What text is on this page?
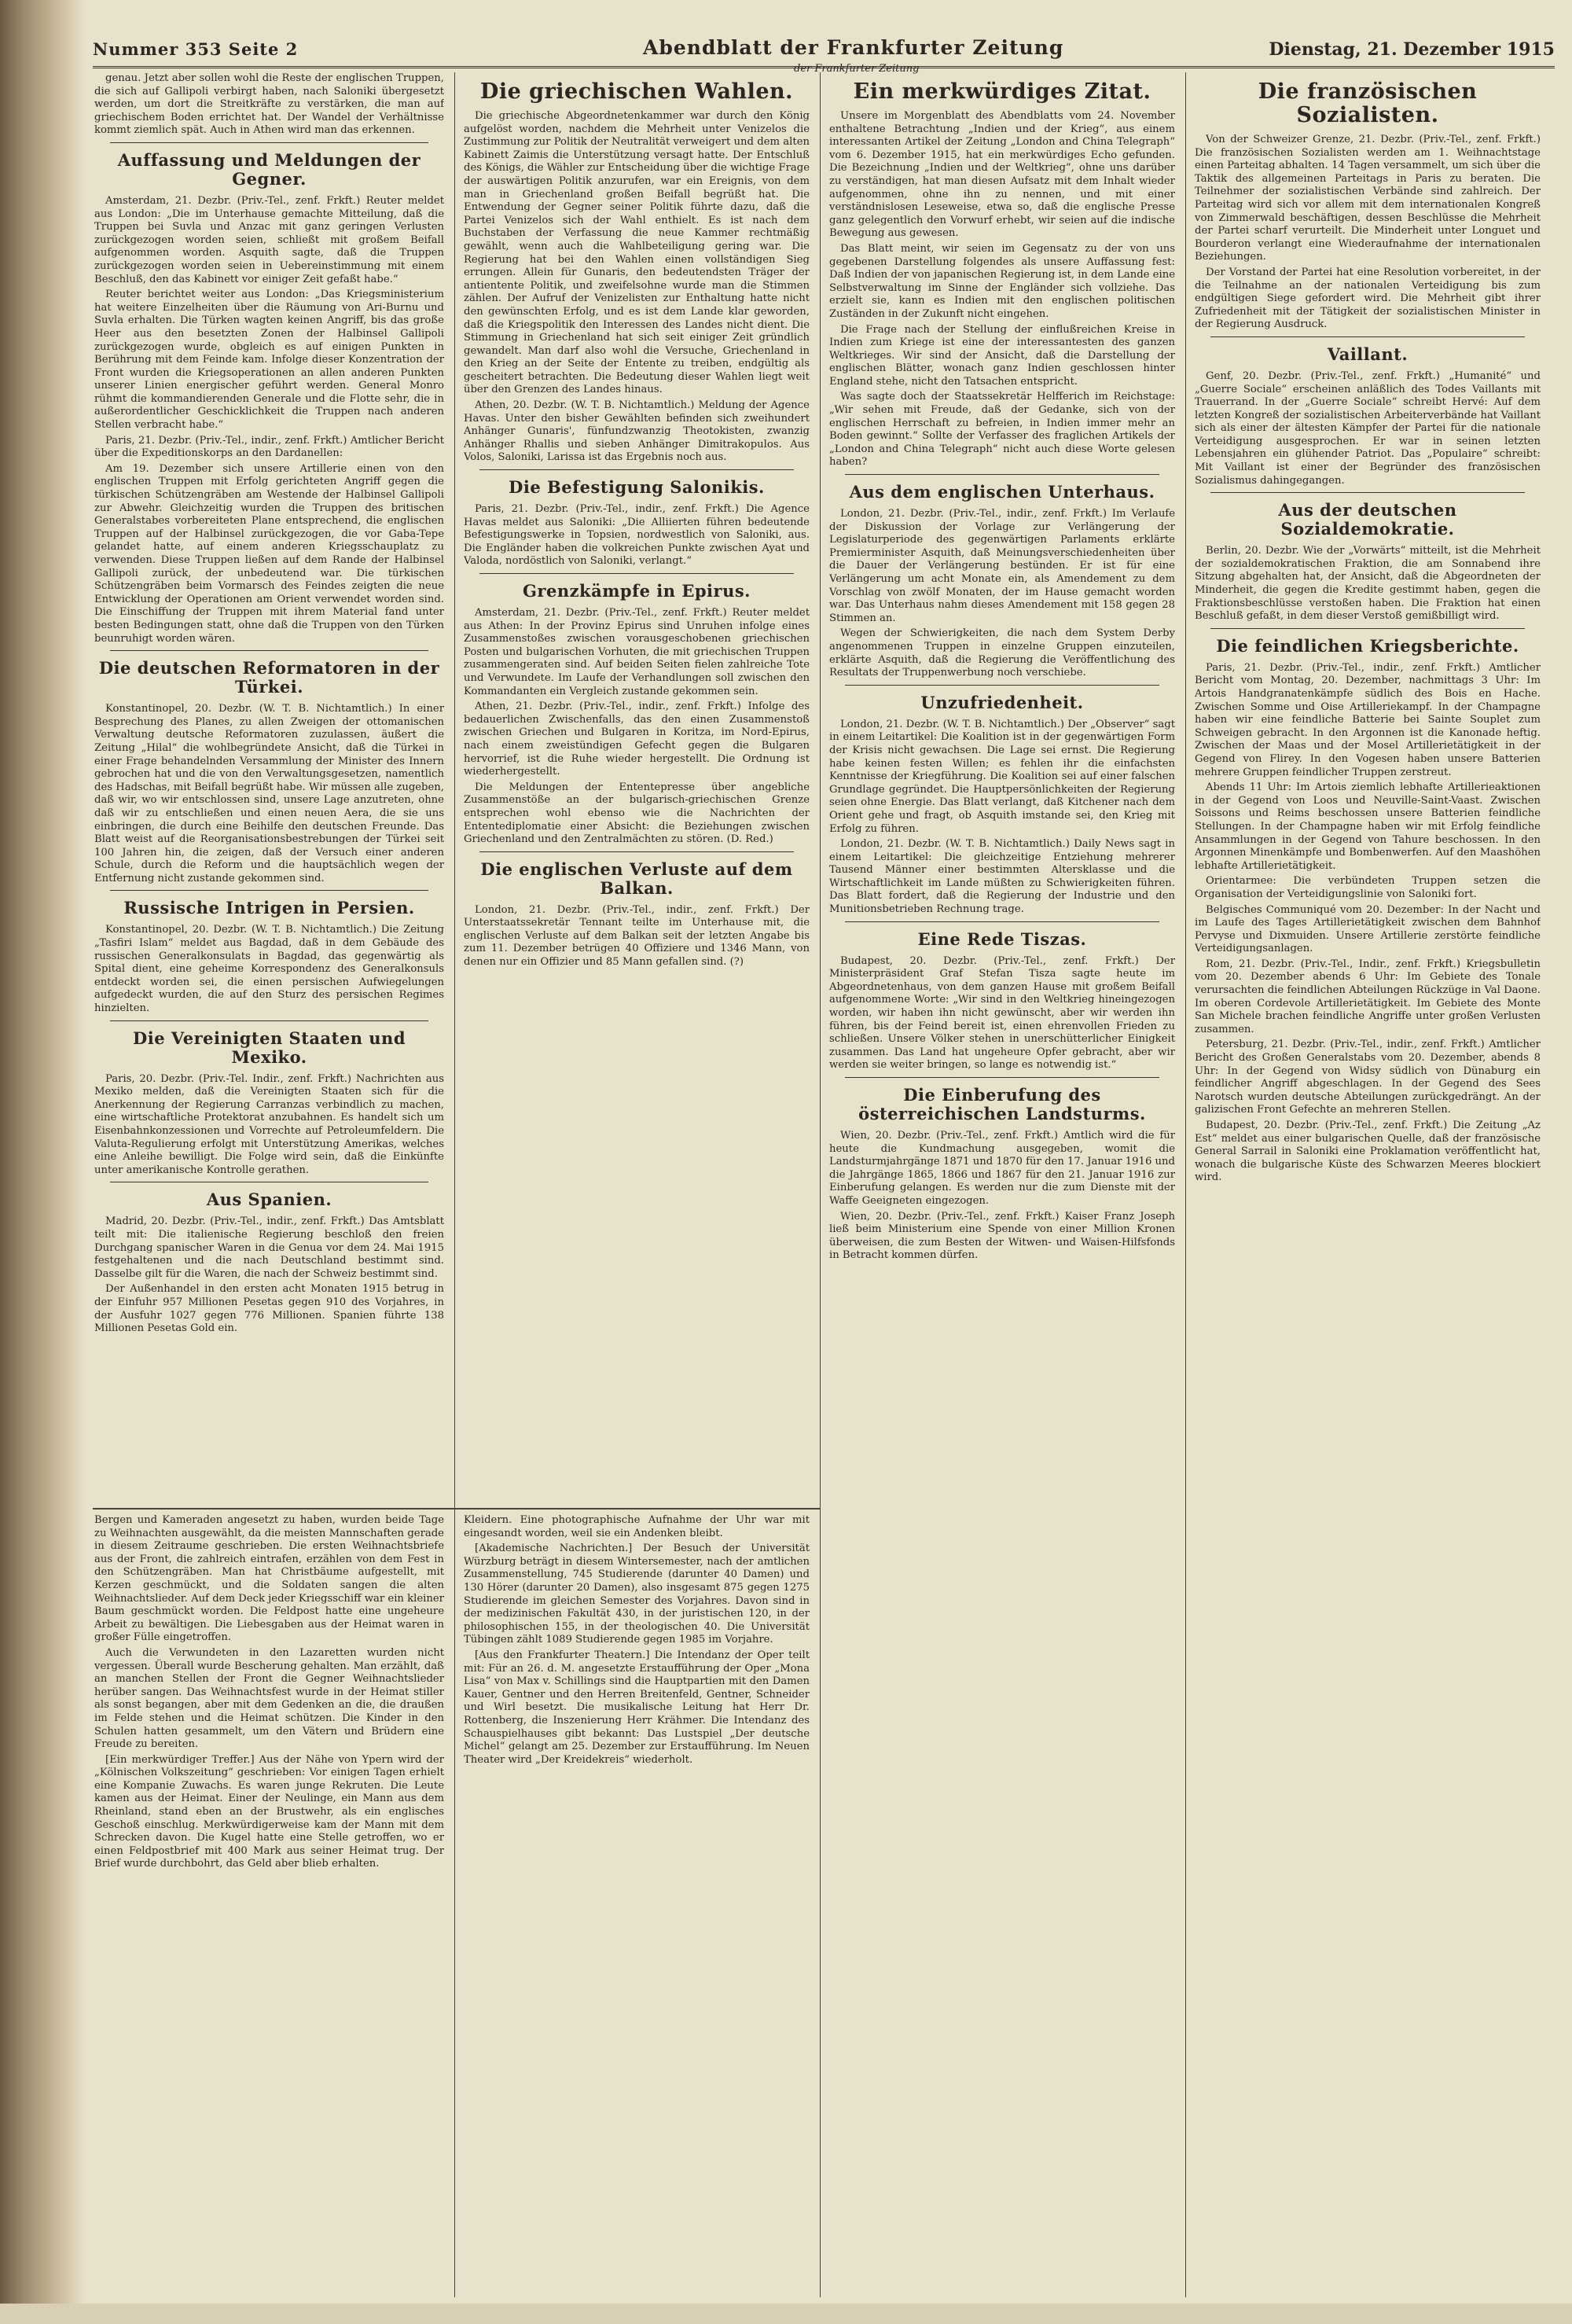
Nummer 353 Seite 2	Abendblatt der Frankfurter Zeitung	Dienstag, 21. Dezember 1915
der Frankfurter Zeitung

genau. Jetzt aber sollen wohl die Reste der englischen Truppen, die sich auf Gallipoli verbirgt haben, nach Saloniki übergesetzt werden, um dort die Streitkräfte zu verstärken, die man auf griechischem Boden errichtet hat. Der Wandel der Verhältnisse kommt ziemlich spät. Auch in Athen wird man das erkennen.

Auffassung und Meldungen der Gegner.

Amsterdam, 21. Dezbr. (Priv.-Tel., zenf. Frkft.) Reuter meldet aus London: „Die im Unterhause gemachte Mitteilung, daß die Truppen bei Suvla und Anzac mit ganz geringen Verlusten zurückgezogen worden seien, schließt mit großem Beifall aufgenommen worden. Asquith sagte, daß die Truppen zurückgezogen worden seien in Uebereinstimmung mit einem Beschluß, den das Kabinett vor einiger Zeit gefaßt habe.“

Reuter berichtet weiter aus London: „Das Kriegsministerium hat weitere Einzelheiten über die Räumung von Ari-Burnu und Suvla erhalten. Die Türken wagten keinen Angriff, bis das große Heer aus den besetzten Zonen der Halbinsel Gallipoli zurückgezogen wurde, obgleich es auf einigen Punkten in Berührung mit dem Feinde kam. Infolge dieser Konzentration der Front wurden die Kriegsoperationen an allen anderen Punkten unserer Linien energischer geführt werden. General Monro rühmt die kommandierenden Generale und die Flotte sehr, die in außerordentlicher Geschicklichkeit die Truppen nach anderen Stellen verbracht habe.“

Paris, 21. Dezbr. (Priv.-Tel., indir., zenf. Frkft.) Amtlicher Bericht über die Expeditionskorps an den Dardanellen:

Am 19. Dezember sich unsere Artillerie einen von den englischen Truppen mit Erfolg gerichteten Angriff gegen die türkischen Schützengräben am Westende der Halbinsel Gallipoli zur Abwehr. Gleichzeitig wurden die Truppen des britischen Generalstabes vorbereiteten Plane entsprechend, die englischen Truppen auf der Halbinsel zurückgezogen, die vor Gaba-Tepe gelandet hatte, auf einem anderen Kriegsschauplatz zu verwenden. Diese Truppen ließen auf dem Rande der Halbinsel Gallipoli zurück, der unbedeutend war. Die türkischen Schützengräben beim Vormarsch des Feindes zeigten die neue Entwicklung der Operationen am Orient verwendet worden sind. Die Einschiffung der Truppen mit ihrem Material fand unter besten Bedingungen statt, ohne daß die Truppen von den Türken beunruhigt worden wären.

Die deutschen Reformatoren in der Türkei.

Konstantinopel, 20. Dezbr. (W. T. B. Nichtamtlich.) In einer Besprechung des Planes, zu allen Zweigen der ottomanischen Verwaltung deutsche Reformatoren zuzulassen, äußert die Zeitung „Hilal“ die wohlbegründete Ansicht, daß die Türkei in einer Frage behandelnden Versammlung der Minister des Innern gebrochen hat und die von den Verwaltungsgesetzen, namentlich des Hadschas, mit Beifall begrüßt habe. Wir müssen alle zugeben, daß wir, wo wir entschlossen sind, unsere Lage anzutreten, ohne daß wir zu entschließen und einen neuen Aera, die sie uns einbringen, die durch eine Beihilfe den deutschen Freunde. Das Blatt weist auf die Reorganisationsbestrebungen der Türkei seit 100 Jahren hin, die zeigen, daß der Versuch einer anderen Schule, durch die Reform und die hauptsächlich wegen der Entfernung nicht zustande gekommen sind.

Russische Intrigen in Persien.

Konstantinopel, 20. Dezbr. (W. T. B. Nichtamtlich.) Die Zeitung „Tasfiri Islam“ meldet aus Bagdad, daß in dem Gebäude des russischen Generalkonsulats in Bagdad, das gegenwärtig als Spital dient, eine geheime Korrespondenz des Generalkonsuls entdeckt worden sei, die einen persischen Aufwiegelungen aufgedeckt wurden, die auf den Sturz des persischen Regimes hinzielten.

Die Vereinigten Staaten und Mexiko.

Paris, 20. Dezbr. (Priv.-Tel. Indir., zenf. Frkft.) Nachrichten aus Mexiko melden, daß die Vereinigten Staaten sich für die Anerkennung der Regierung Carranzas verbindlich zu machen, eine wirtschaftliche Protektorat anzubahnen. Es handelt sich um Eisenbahnkonzessionen und Vorrechte auf Petroleumfeldern. Die Valuta-Regulierung erfolgt mit Unterstützung Amerikas, welches eine Anleihe bewilligt. Die Folge wird sein, daß die Einkünfte unter amerikanische Kontrolle gerathen.

Aus Spanien.

Madrid, 20. Dezbr. (Priv.-Tel., indir., zenf. Frkft.) Das Amtsblatt teilt mit: Die italienische Regierung beschloß den freien Durchgang spanischer Waren in die Genua vor dem 24. Mai 1915 festgehaltenen und die nach Deutschland bestimmt sind. Dasselbe gilt für die Waren, die nach der Schweiz bestimmt sind.

Der Außenhandel in den ersten acht Monaten 1915 betrug in der Einfuhr 957 Millionen Pesetas gegen 910 des Vorjahres, in der Ausfuhr 1027 gegen 776 Millionen. Spanien führte 138 Millionen Pesetas Gold ein.

Die griechischen Wahlen.

Die griechische Abgeordnetenkammer war durch den König aufgelöst worden, nachdem die Mehrheit unter Venizelos die Zustimmung zur Politik der Neutralität verweigert und dem alten Kabinett Zaimis die Unterstützung versagt hatte. Der Entschluß des Königs, die Wähler zur Entscheidung über die wichtige Frage der auswärtigen Politik anzurufen, war ein Ereignis, von dem man in Griechenland großen Beifall begrüßt hat. Die Entwendung der Gegner seiner Politik führte dazu, daß die Partei Venizelos sich der Wahl enthielt. Es ist nach dem Buchstaben der Verfassung die neue Kammer rechtmäßig gewählt, wenn auch die Wahlbeteiligung gering war. Die Regierung hat bei den Wahlen einen vollständigen Sieg errungen. Allein für Gunaris, den bedeutendsten Träger der antientente Politik, und zweifelsohne wurde man die Stimmen zählen. Der Aufruf der Venizelisten zur Enthaltung hatte nicht den gewünschten Erfolg, und es ist dem Lande klar geworden, daß die Kriegspolitik den Interessen des Landes nicht dient. Die Stimmung in Griechenland hat sich seit einiger Zeit gründlich gewandelt. Man darf also wohl die Versuche, Griechenland in den Krieg an der Seite der Entente zu treiben, endgültig als gescheitert betrachten. Die Bedeutung dieser Wahlen liegt weit über den Grenzen des Landes hinaus.

Athen, 20. Dezbr. (W. T. B. Nichtamtlich.) Meldung der Agence Havas. Unter den bisher Gewählten befinden sich zweihundert Anhänger Gunaris', fünfundzwanzig Theotokisten, zwanzig Anhänger Rhallis und sieben Anhänger Dimitrakopulos. Aus Volos, Saloniki, Larissa ist das Ergebnis noch aus.

Die Befestigung Salonikis.

Paris, 21. Dezbr. (Priv.-Tel., indir., zenf. Frkft.) Die Agence Havas meldet aus Saloniki: „Die Alliierten führen bedeutende Befestigungswerke in Topsien, nordwestlich von Saloniki, aus. Die Engländer haben die volkreichen Punkte zwischen Ayat und Valoda, nordöstlich von Saloniki, verlangt.“

Grenzkämpfe in Epirus.

Amsterdam, 21. Dezbr. (Priv.-Tel., zenf. Frkft.) Reuter meldet aus Athen: In der Provinz Epirus sind Unruhen infolge eines Zusammenstoßes zwischen vorausgeschobenen griechischen Posten und bulgarischen Vorhuten, die mit griechischen Truppen zusammengeraten sind. Auf beiden Seiten fielen zahlreiche Tote und Verwundete. Im Laufe der Verhandlungen soll zwischen den Kommandanten ein Vergleich zustande gekommen sein.

Athen, 21. Dezbr. (Priv.-Tel., indir., zenf. Frkft.) Infolge des bedauerlichen Zwischenfalls, das den einen Zusammenstoß zwischen Griechen und Bulgaren in Koritza, im Nord-Epirus, nach einem zweistündigen Gefecht gegen die Bulgaren hervorrief, ist die Ruhe wieder hergestellt. Die Ordnung ist wiederhergestellt.

Die Meldungen der Ententepresse über angebliche Zusammenstöße an der bulgarisch-griechischen Grenze entsprechen wohl ebenso wie die Nachrichten der Ententediplomatie einer Absicht: die Beziehungen zwischen Griechenland und den Zentralmächten zu stören. (D. Red.)

Die englischen Verluste auf dem Balkan.

London, 21. Dezbr. (Priv.-Tel., indir., zenf. Frkft.) Der Unterstaatssekretär Tennant teilte im Unterhause mit, die englischen Verluste auf dem Balkan seit der letzten Angabe bis zum 11. Dezember betrügen 40 Offiziere und 1346 Mann, von denen nur ein Offizier und 85 Mann gefallen sind. (?)

Ein merkwürdiges Zitat.

Unsere im Morgenblatt des Abendblatts vom 24. November enthaltene Betrachtung „Indien und der Krieg“, aus einem interessanten Artikel der Zeitung „London and China Telegraph“ vom 6. Dezember 1915, hat ein merkwürdiges Echo gefunden. Die Bezeichnung „Indien und der Weltkrieg“, ohne uns darüber zu verständigen, hat man diesen Aufsatz mit dem Inhalt wieder aufgenommen, ohne ihn zu nennen, und mit einer verständnislosen Leseweise, etwa so, daß die englische Presse ganz gelegentlich den Vorwurf erhebt, wir seien auf die indische Bewegung aus gewesen.

Das Blatt meint, wir seien im Gegensatz zu der von uns gegebenen Darstellung folgendes als unsere Auffassung fest: Daß Indien der von japanischen Regierung ist, in dem Lande eine Selbstverwaltung im Sinne der Engländer sich vollziehe. Das erzielt sie, kann es Indien mit den englischen politischen Zuständen in der Zukunft nicht eingehen.

Die Frage nach der Stellung der einflußreichen Kreise in Indien zum Kriege ist eine der interessantesten des ganzen Weltkrieges. Wir sind der Ansicht, daß die Darstellung der englischen Blätter, wonach ganz Indien geschlossen hinter England stehe, nicht den Tatsachen entspricht.

Was sagte doch der Staatssekretär Helfferich im Reichstage: „Wir sehen mit Freude, daß der Gedanke, sich von der englischen Herrschaft zu befreien, in Indien immer mehr an Boden gewinnt.“ Sollte der Verfasser des fraglichen Artikels der „London and China Telegraph“ nicht auch diese Worte gelesen haben?

Aus dem englischen Unterhaus.

London, 21. Dezbr. (Priv.-Tel., indir., zenf. Frkft.) Im Verlaufe der Diskussion der Vorlage zur Verlängerung der Legislaturperiode des gegenwärtigen Parlaments erklärte Premierminister Asquith, daß Meinungsverschiedenheiten über die Dauer der Verlängerung bestünden. Er ist für eine Verlängerung um acht Monate ein, als Amendement zu dem Vorschlag von zwölf Monaten, der im Hause gemacht worden war. Das Unterhaus nahm dieses Amendement mit 158 gegen 28 Stimmen an.

Wegen der Schwierigkeiten, die nach dem System Derby angenommenen Truppen in einzelne Gruppen einzuteilen, erklärte Asquith, daß die Regierung die Veröffentlichung des Resultats der Truppenwerbung noch verschiebe.

Unzufriedenheit.

London, 21. Dezbr. (W. T. B. Nichtamtlich.) Der „Observer“ sagt in einem Leitartikel: Die Koalition ist in der gegenwärtigen Form der Krisis nicht gewachsen. Die Lage sei ernst. Die Regierung habe keinen festen Willen; es fehlen ihr die einfachsten Kenntnisse der Kriegführung. Die Koalition sei auf einer falschen Grundlage gegründet. Die Hauptpersönlichkeiten der Regierung seien ohne Energie. Das Blatt verlangt, daß Kitchener nach dem Orient gehe und fragt, ob Asquith imstande sei, den Krieg mit Erfolg zu führen.

London, 21. Dezbr. (W. T. B. Nichtamtlich.) Daily News sagt in einem Leitartikel: Die gleichzeitige Entziehung mehrerer Tausend Männer einer bestimmten Altersklasse und die Wirtschaftlichkeit im Lande müßten zu Schwierigkeiten führen. Das Blatt fordert, daß die Regierung der Industrie und den Munitionsbetrieben Rechnung trage.

Eine Rede Tiszas.

Budapest, 20. Dezbr. (Priv.-Tel., zenf. Frkft.) Der Ministerpräsident Graf Stefan Tisza sagte heute im Abgeordnetenhaus, von dem ganzen Hause mit großem Beifall aufgenommene Worte: „Wir sind in den Weltkrieg hineingezogen worden, wir haben ihn nicht gewünscht, aber wir werden ihn führen, bis der Feind bereit ist, einen ehrenvollen Frieden zu schließen. Unsere Völker stehen in unerschütterlicher Einigkeit zusammen. Das Land hat ungeheure Opfer gebracht, aber wir werden sie weiter bringen, so lange es notwendig ist.“

Die Einberufung des österreichischen Landsturms.

Wien, 20. Dezbr. (Priv.-Tel., zenf. Frkft.) Amtlich wird die für heute die Kundmachung ausgegeben, womit die Landsturmjahrgänge 1871 und 1870 für den 17. Januar 1916 und die Jahrgänge 1865, 1866 und 1867 für den 21. Januar 1916 zur Einberufung gelangen. Es werden nur die zum Dienste mit der Waffe Geeigneten eingezogen.

Wien, 20. Dezbr. (Priv.-Tel., zenf. Frkft.) Kaiser Franz Joseph ließ beim Ministerium eine Spende von einer Million Kronen überweisen, die zum Besten der Witwen- und Waisen-Hilfsfonds in Betracht kommen dürfen.

Die französischen Sozialisten.

Von der Schweizer Grenze, 21. Dezbr. (Priv.-Tel., zenf. Frkft.) Die französischen Sozialisten werden am 1. Weihnachtstage einen Parteitag abhalten. 14 Tagen versammelt, um sich über die Taktik des allgemeinen Parteitags in Paris zu beraten. Die Teilnehmer der sozialistischen Verbände sind zahlreich. Der Parteitag wird sich vor allem mit dem internationalen Kongreß von Zimmerwald beschäftigen, dessen Beschlüsse die Mehrheit der Partei scharf verurteilt. Die Minderheit unter Longuet und Bourderon verlangt eine Wiederaufnahme der internationalen Beziehungen.

Der Vorstand der Partei hat eine Resolution vorbereitet, in der die Teilnahme an der nationalen Verteidigung bis zum endgültigen Siege gefordert wird. Die Mehrheit gibt ihrer Zufriedenheit mit der Tätigkeit der sozialistischen Minister in der Regierung Ausdruck.

Vaillant.

Genf, 20. Dezbr. (Priv.-Tel., zenf. Frkft.) „Humanité“ und „Guerre Sociale“ erscheinen anläßlich des Todes Vaillants mit Trauerrand. In der „Guerre Sociale“ schreibt Hervé: Auf dem letzten Kongreß der sozialistischen Arbeiterverbände hat Vaillant sich als einer der ältesten Kämpfer der Partei für die nationale Verteidigung ausgesprochen. Er war in seinen letzten Lebensjahren ein glühender Patriot. Das „Populaire“ schreibt: Mit Vaillant ist einer der Begründer des französischen Sozialismus dahingegangen.

Aus der deutschen Sozialdemokratie.

Berlin, 20. Dezbr. Wie der „Vorwärts“ mitteilt, ist die Mehrheit der sozialdemokratischen Fraktion, die am Sonnabend ihre Sitzung abgehalten hat, der Ansicht, daß die Abgeordneten der Minderheit, die gegen die Kredite gestimmt haben, gegen die Fraktionsbeschlüsse verstoßen haben. Die Fraktion hat einen Beschluß gefaßt, in dem dieser Verstoß gemißbilligt wird.

Die feindlichen Kriegsberichte.

Paris, 21. Dezbr. (Priv.-Tel., indir., zenf. Frkft.) Amtlicher Bericht vom Montag, 20. Dezember, nachmittags 3 Uhr: Im Artois Handgranatenkämpfe südlich des Bois en Hache. Zwischen Somme und Oise Artilleriekampf. In der Champagne haben wir eine feindliche Batterie bei Sainte Souplet zum Schweigen gebracht. In den Argonnen ist die Kanonade heftig. Zwischen der Maas und der Mosel Artillerietätigkeit in der Gegend von Flirey. In den Vogesen haben unsere Batterien mehrere Gruppen feindlicher Truppen zerstreut.

Abends 11 Uhr: Im Artois ziemlich lebhafte Artillerieaktionen in der Gegend von Loos und Neuville-Saint-Vaast. Zwischen Soissons und Reims beschossen unsere Batterien feindliche Stellungen. In der Champagne haben wir mit Erfolg feindliche Ansammlungen in der Gegend von Tahure beschossen. In den Argonnen Minenkämpfe und Bombenwerfen. Auf den Maashöhen lebhafte Artillerietätigkeit.

Orientarmee: Die verbündeten Truppen setzen die Organisation der Verteidigungslinie von Saloniki fort.

Belgisches Communiqué vom 20. Dezember: In der Nacht und im Laufe des Tages Artillerietätigkeit zwischen dem Bahnhof Pervyse und Dixmuiden. Unsere Artillerie zerstörte feindliche Verteidigungsanlagen.

Rom, 21. Dezbr. (Priv.-Tel., Indir., zenf. Frkft.) Kriegsbulletin vom 20. Dezember abends 6 Uhr: Im Gebiete des Tonale verursachten die feindlichen Abteilungen Rückzüge in Val Daone. Im oberen Cordevole Artillerietätigkeit. Im Gebiete des Monte San Michele brachen feindliche Angriffe unter großen Verlusten zusammen.

Petersburg, 21. Dezbr. (Priv.-Tel., indir., zenf. Frkft.) Amtlicher Bericht des Großen Generalstabs vom 20. Dezember, abends 8 Uhr: In der Gegend von Widsy südlich von Dünaburg ein feindlicher Angriff abgeschlagen. In der Gegend des Sees Narotsch wurden deutsche Abteilungen zurückgedrängt. An der galizischen Front Gefechte an mehreren Stellen.

Budapest, 20. Dezbr. (Priv.-Tel., zenf. Frkft.) Die Zeitung „Az Est“ meldet aus einer bulgarischen Quelle, daß der französische General Sarrail in Saloniki eine Proklamation veröffentlicht hat, wonach die bulgarische Küste des Schwarzen Meeres blockiert wird.

Bergen und Kameraden angesetzt zu haben, wurden beide Tage zu Weihnachten ausgewählt, da die meisten Mannschaften gerade in diesem Zeitraume geschrieben. Die ersten Weihnachtsbriefe aus der Front, die zahlreich eintrafen, erzählen von dem Fest in den Schützengräben. Man hat Christbäume aufgestellt, mit Kerzen geschmückt, und die Soldaten sangen die alten Weihnachtslieder. Auf dem Deck jeder Kriegsschiff war ein kleiner Baum geschmückt worden. Die Feldpost hatte eine ungeheure Arbeit zu bewältigen. Die Liebesgaben aus der Heimat waren in großer Fülle eingetroffen.

Auch die Verwundeten in den Lazaretten wurden nicht vergessen. Überall wurde Bescherung gehalten. Man erzählt, daß an manchen Stellen der Front die Gegner Weihnachtslieder herüber sangen. Das Weihnachtsfest wurde in der Heimat stiller als sonst begangen, aber mit dem Gedenken an die, die draußen im Felde stehen und die Heimat schützen. Die Kinder in den Schulen hatten gesammelt, um den Vätern und Brüdern eine Freude zu bereiten.

[Ein merkwürdiger Treffer.] Aus der Nähe von Ypern wird der „Kölnischen Volkszeitung“ geschrieben: Vor einigen Tagen erhielt eine Kompanie Zuwachs. Es waren junge Rekruten. Die Leute kamen aus der Heimat. Einer der Neulinge, ein Mann aus dem Rheinland, stand eben an der Brustwehr, als ein englisches Geschoß einschlug. Merkwürdigerweise kam der Mann mit dem Schrecken davon. Die Kugel hatte eine Stelle getroffen, wo er einen Feldpostbrief mit 400 Mark aus seiner Heimat trug. Der Brief wurde durchbohrt, das Geld aber blieb erhalten.

Kleidern. Eine photographische Aufnahme der Uhr war mit eingesandt worden, weil sie ein Andenken bleibt.

[Akademische Nachrichten.] Der Besuch der Universität Würzburg beträgt in diesem Wintersemester, nach der amtlichen Zusammenstellung, 745 Studierende (darunter 40 Damen) und 130 Hörer (darunter 20 Damen), also insgesamt 875 gegen 1275 Studierende im gleichen Semester des Vorjahres. Davon sind in der medizinischen Fakultät 430, in der juristischen 120, in der philosophischen 155, in der theologischen 40. Die Universität Tübingen zählt 1089 Studierende gegen 1985 im Vorjahre.

[Aus den Frankfurter Theatern.] Die Intendanz der Oper teilt mit: Für an 26. d. M. angesetzte Erstaufführung der Oper „Mona Lisa“ von Max v. Schillings sind die Hauptpartien mit den Damen Kauer, Gentner und den Herren Breitenfeld, Gentner, Schneider und Wirl besetzt. Die musikalische Leitung hat Herr Dr. Rottenberg, die Inszenierung Herr Krähmer. Die Intendanz des Schauspielhauses gibt bekannt: Das Lustspiel „Der deutsche Michel“ gelangt am 25. Dezember zur Erstaufführung. Im Neuen Theater wird „Der Kreidekreis“ wiederholt.
